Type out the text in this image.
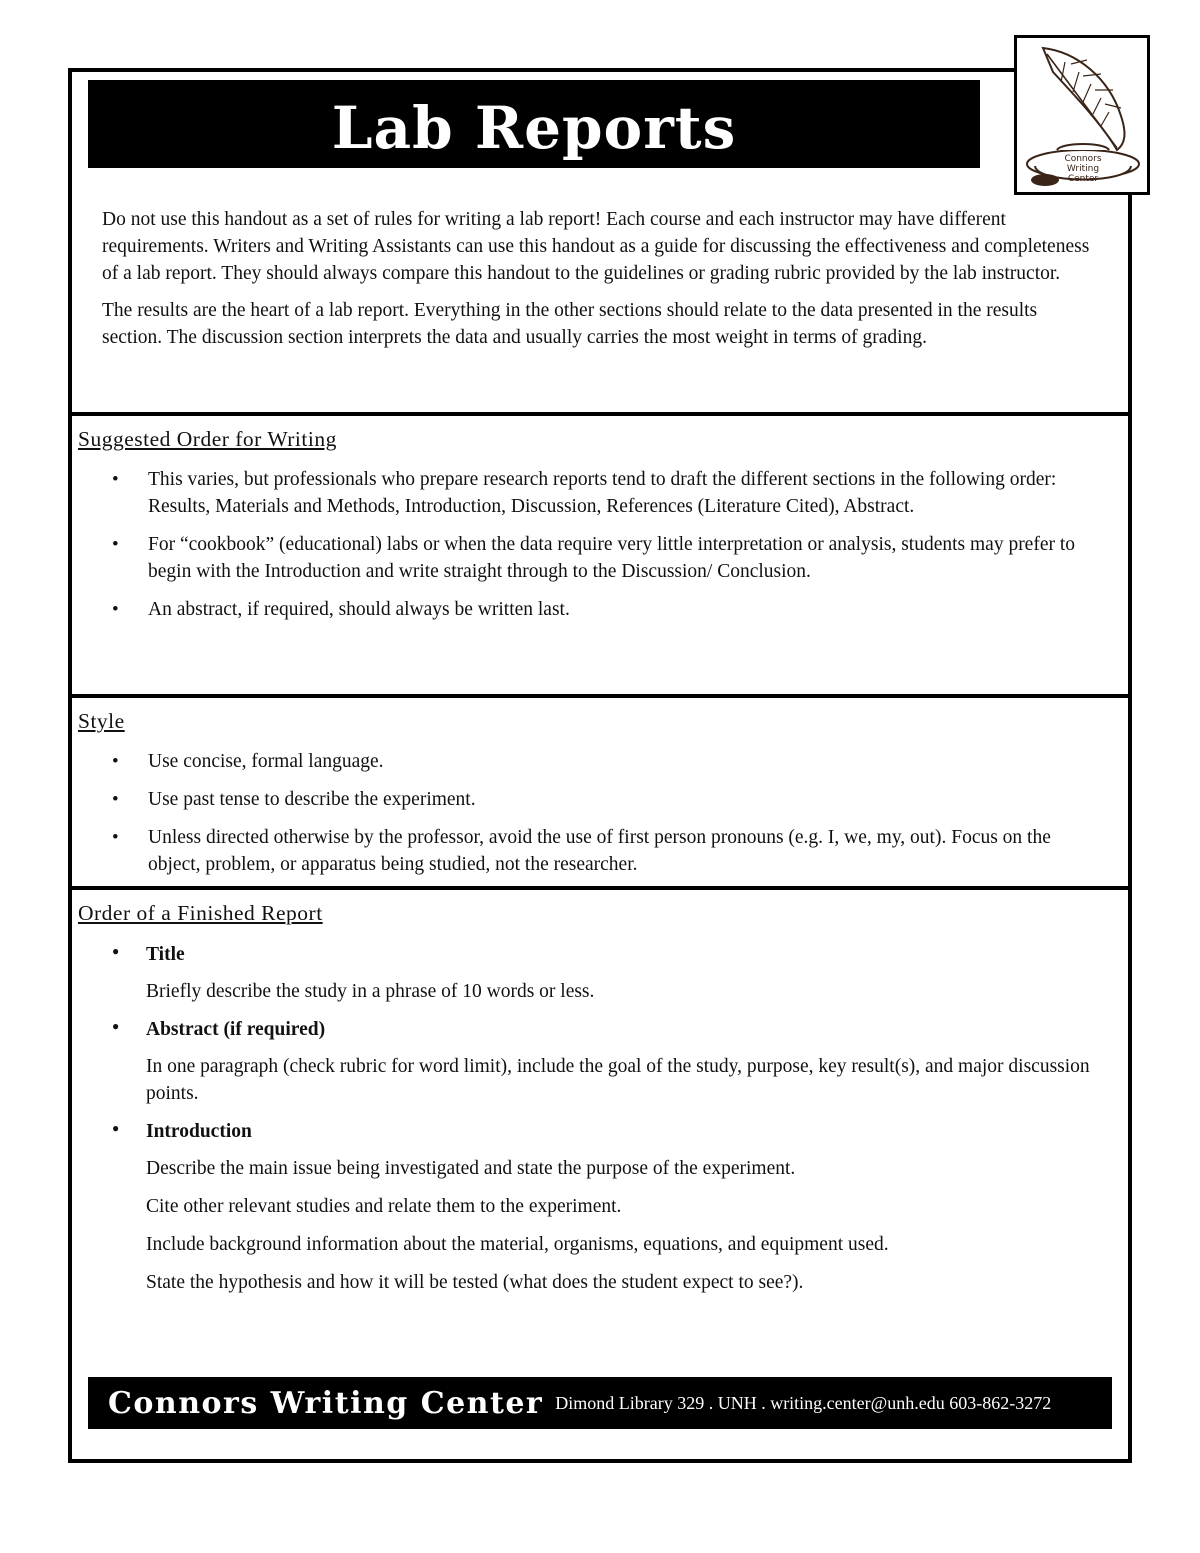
Lab Reports	Connors
Writing
Center

Do not use this handout as a set of rules for writing a lab report! Each course and each instructor may have different requirements. Writers and Writing Assistants can use this handout as a guide for discussing the effectiveness and completeness of a lab report. They should always compare this handout to the guidelines or grading rubric provided by the lab instructor.

The results are the heart of a lab report. Everything in the other sections should relate to the data presented in the results section. The discussion section interprets the data and usually carries the most weight in terms of grading.

Suggested Order for Writing
• This varies, but professionals who prepare research reports tend to draft the different sections in the following order: Results, Materials and Methods, Introduction, Discussion, References (Literature Cited), Abstract.
• For “cookbook” (educational) labs or when the data require very little interpretation or analysis, students may prefer to begin with the Introduction and write straight through to the Discussion/ Conclusion.
• An abstract, if required, should always be written last.
Style
• Use concise, formal language.
• Use past tense to describe the experiment.
• Unless directed otherwise by the professor, avoid the use of first person pronouns (e.g. I, we, my, out). Focus on the object, problem, or apparatus being studied, not the researcher.
Order of a Finished Report
● Title
Briefly describe the study in a phrase of 10 words or less.
● Abstract (if required)
In one paragraph (check rubric for word limit), include the goal of the study, purpose, key result(s), and major discussion points.
● Introduction
Describe the main issue being investigated and state the purpose of the experiment.
Cite other relevant studies and relate them to the experiment.
Include background information about the material, organisms, equations, and equipment used.
State the hypothesis and how it will be tested (what does the student expect to see?).
Connors Writing Center Dimond Library 329 . UNH . writing.center@unh.edu 603-862-3272
